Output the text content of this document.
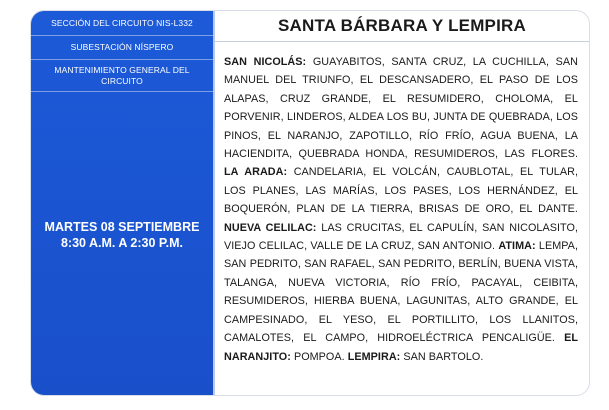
SECCIÓN DEL CIRCUITO NIS-L332
SUBESTACIÓN NÍSPERO
MANTENIMIENTO GENERAL DEL CIRCUITO
MARTES 08 SEPTIEMBRE
8:30 A.M. A 2:30 P.M.
SANTA BÁRBARA Y LEMPIRA
SAN NICOLÁS: GUAYABITOS, SANTA CRUZ, LA CUCHILLA, SAN MANUEL DEL TRIUNFO, EL DESCANSADERO, EL PASO DE LOS ALAPAS, CRUZ GRANDE, EL RESUMIDERO, CHOLOMA, EL PORVENIR, LINDEROS, ALDEA LOS BU, JUNTA DE QUEBRADA, LOS PINOS, EL NARANJO, ZAPOTILLO, RÍO FRÍO, AGUA BUENA, LA HACIENDITA, QUEBRADA HONDA, RESUMIDEROS, LAS FLORES. LA ARADA: CANDELARIA, EL VOLCÁN, CAUBLOTAL, EL TULAR, LOS PLANES, LAS MARÍAS, LOS PASES, LOS HERNÁNDEZ, EL BOQUERÓN, PLAN DE LA TIERRA, BRISAS DE ORO, EL DANTE. NUEVA CELILAC: LAS CRUCITAS, EL CAPULÍN, SAN NICOLASITO, VIEJO CELILAC, VALLE DE LA CRUZ, SAN ANTONIO. ATIMA: LEMPA, SAN PEDRITO, SAN RAFAEL, SAN PEDRITO, BERLÍN, BUENA VISTA, TALANGA, NUEVA VICTORIA, RÍO FRÍO, PACAYAL, CEIBITA, RESUMIDEROS, HIERBA BUENA, LAGUNITAS, ALTO GRANDE, EL CAMPESINADO, EL YESO, EL PORTILLITO, LOS LLANITOS, CAMALOTES, EL CAMPO, HIDROELÉCTRICA PENCALIGÜE. EL NARANJITO: POMPOA. LEMPIRA: SAN BARTOLO.
